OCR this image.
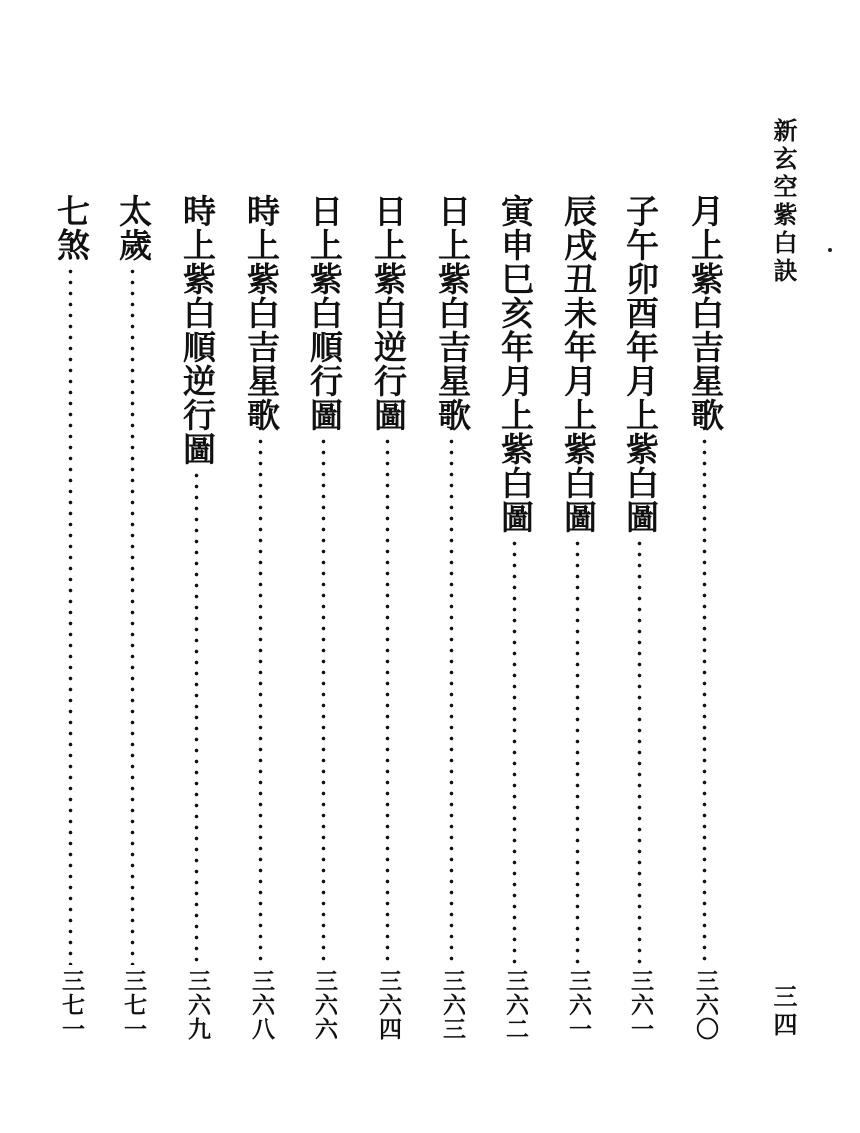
新玄空紫白訣
三四
月上紫白吉星歌
三六〇
子午卯酉年月上紫白圖
三六一
辰戌丑未年月上紫白圖
三六一
寅申巳亥年月上紫白圖
三六二
日上紫白吉星歌
三六三
日上紫白逆行圖
三六四
日上紫白順行圖
三六六
時上紫白吉星歌
三六八
時上紫白順逆行圖
三六九
太歲
三七一
七煞
三七一
